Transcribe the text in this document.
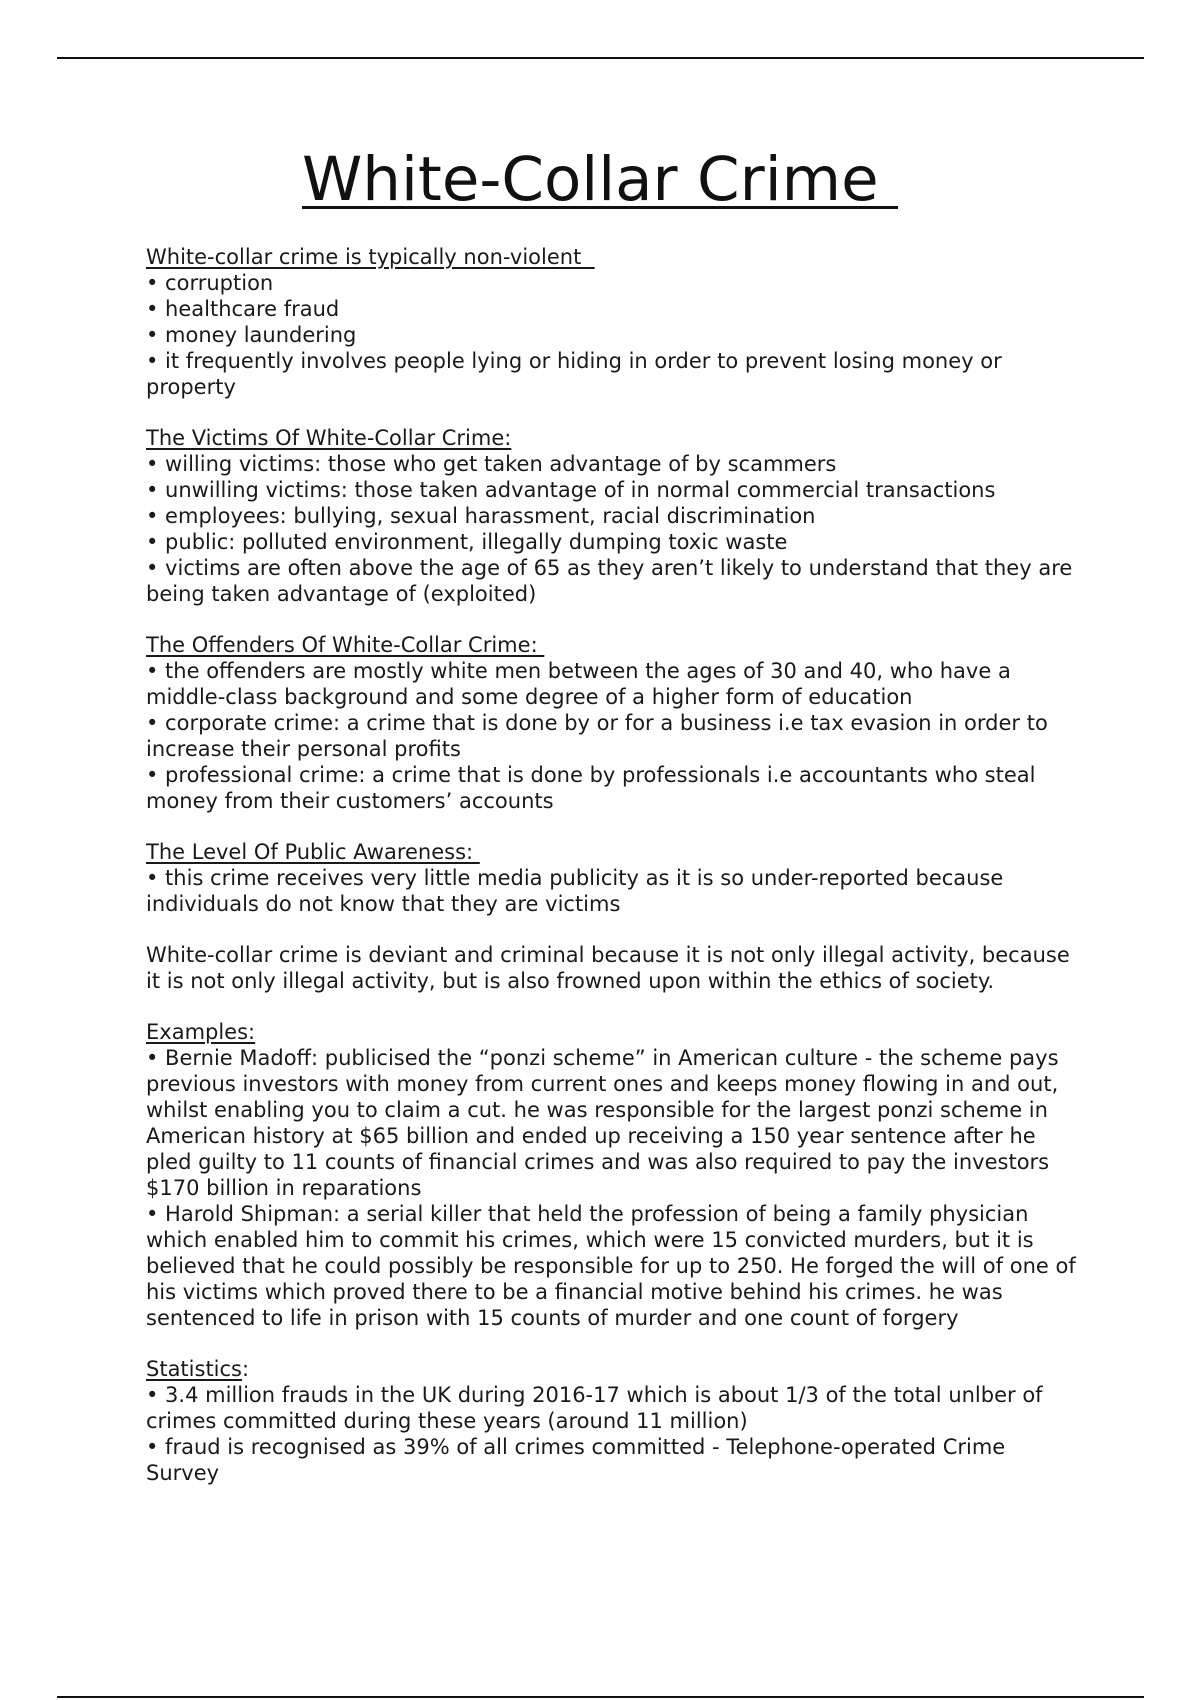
White-Collar Crime
White-collar crime is typically non-violent
• corruption
• healthcare fraud
• money laundering
• it frequently involves people lying or hiding in order to prevent losing money or property
The Victims Of White-Collar Crime:
• willing victims: those who get taken advantage of by scammers
• unwilling victims: those taken advantage of in normal commercial transactions
• employees: bullying, sexual harassment, racial discrimination
• public: polluted environment, illegally dumping toxic waste
• victims are often above the age of 65 as they aren’t likely to understand that they are being taken advantage of (exploited)
The Offenders Of White-Collar Crime:
• the offenders are mostly white men between the ages of 30 and 40, who have a middle-class background and some degree of a higher form of education
• corporate crime: a crime that is done by or for a business i.e tax evasion in order to increase their personal profits
• professional crime: a crime that is done by professionals i.e accountants who steal money from their customers’ accounts
The Level Of Public Awareness:
• this crime receives very little media publicity as it is so under-reported because individuals do not know that they are victims

White-collar crime is deviant and criminal because it is not only illegal activity, because it is not only illegal activity, but is also frowned upon within the ethics of society.

Examples:
• Bernie Madoff: publicised the “ponzi scheme” in American culture - the scheme pays previous investors with money from current ones and keeps money flowing in and out, whilst enabling you to claim a cut. he was responsible for the largest ponzi scheme in American history at $65 billion and ended up receiving a 150 year sentence after he pled guilty to 11 counts of financial crimes and was also required to pay the investors $170 billion in reparations
• Harold Shipman: a serial killer that held the profession of being a family physician which enabled him to commit his crimes, which were 15 convicted murders, but it is believed that he could possibly be responsible for up to 250. He forged the will of one of his victims which proved there to be a financial motive behind his crimes. he was sentenced to life in prison with 15 counts of murder and one count of forgery
Statistics:
• 3.4 million frauds in the UK during 2016-17 which is about 1/3 of the total unlber of crimes committed during these years (around 11 million)
• fraud is recognised as 39% of all crimes committed - Telephone-operated Crime Survey
